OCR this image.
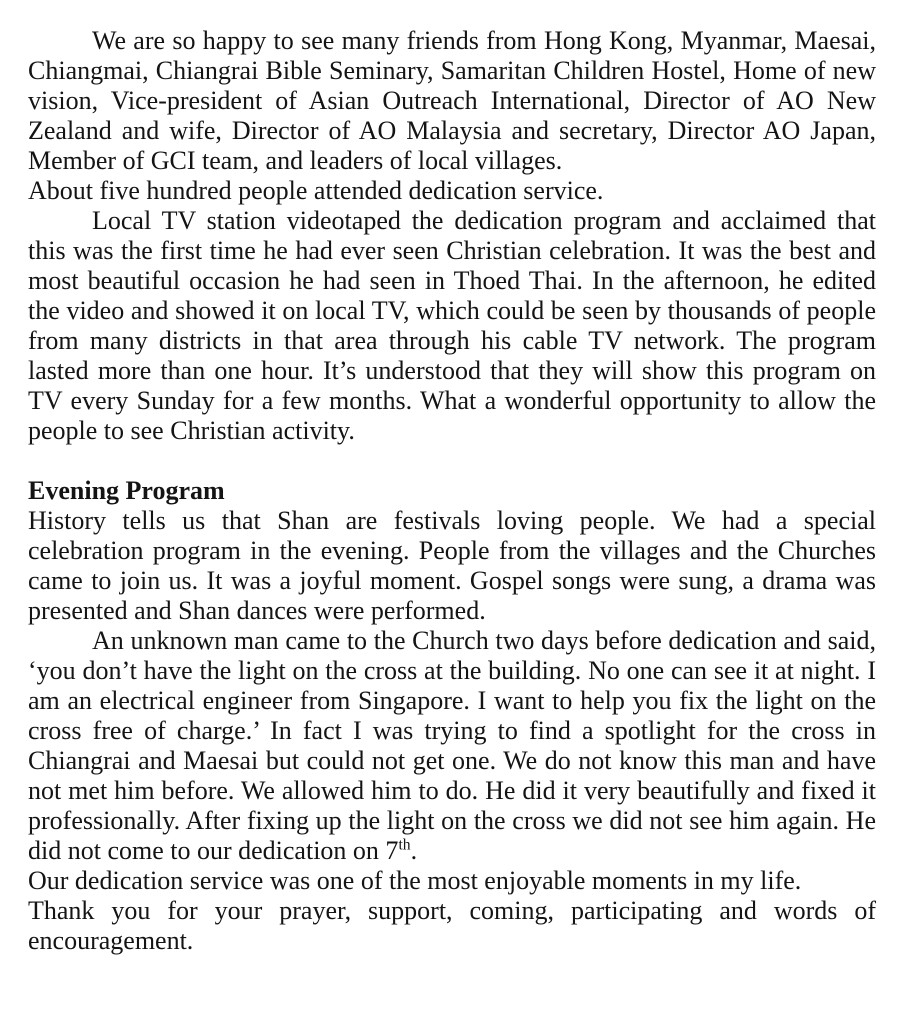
We are so happy to see many friends from Hong Kong, Myanmar, Maesai, Chiangmai, Chiangrai Bible Seminary, Samaritan Children Hostel, Home of new vision, Vice-president of Asian Outreach International, Director of AO New Zealand and wife, Director of AO Malaysia and secretary, Director AO Japan, Member of GCI team, and leaders of local villages.

About five hundred people attended dedication service.

Local TV station videotaped the dedication program and acclaimed that this was the first time he had ever seen Christian celebration. It was the best and most beautiful occasion he had seen in Thoed Thai. In the afternoon, he edited the video and showed it on local TV, which could be seen by thousands of people from many districts in that area through his cable TV network. The program lasted more than one hour. It’s understood that they will show this program on TV every Sunday for a few months. What a wonderful opportunity to allow the people to see Christian activity.

Evening Program

History tells us that Shan are festivals loving people. We had a special celebration program in the evening. People from the villages and the Churches came to join us. It was a joyful moment. Gospel songs were sung, a drama was presented and Shan dances were performed.

An unknown man came to the Church two days before dedication and said, ‘you don’t have the light on the cross at the building. No one can see it at night. I am an electrical engineer from Singapore. I want to help you fix the light on the cross free of charge.’ In fact I was trying to find a spotlight for the cross in Chiangrai and Maesai but could not get one. We do not know this man and have not met him before. We allowed him to do. He did it very beautifully and fixed it professionally. After fixing up the light on the cross we did not see him again. He did not come to our dedication on 7th.

Our dedication service was one of the most enjoyable moments in my life.

Thank you for your prayer, support, coming, participating and words of encouragement.
